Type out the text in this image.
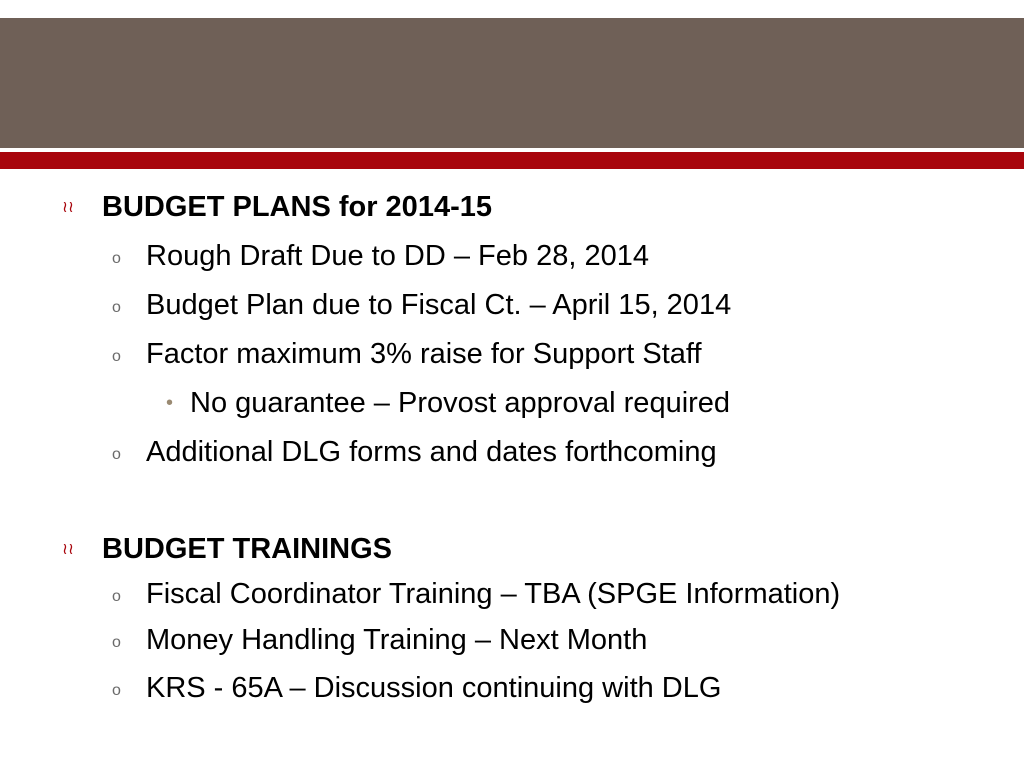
≀≀ BUDGET PLANS for 2014-15
o Rough Draft Due to DD – Feb 28, 2014
o Budget Plan due to Fiscal Ct. – April 15, 2014
o Factor maximum 3% raise for Support Staff
• No guarantee – Provost approval required
o Additional DLG forms and dates forthcoming
≀≀ BUDGET TRAININGS
o Fiscal Coordinator Training – TBA (SPGE Information)
o Money Handling Training – Next Month
o KRS - 65A – Discussion continuing with DLG
